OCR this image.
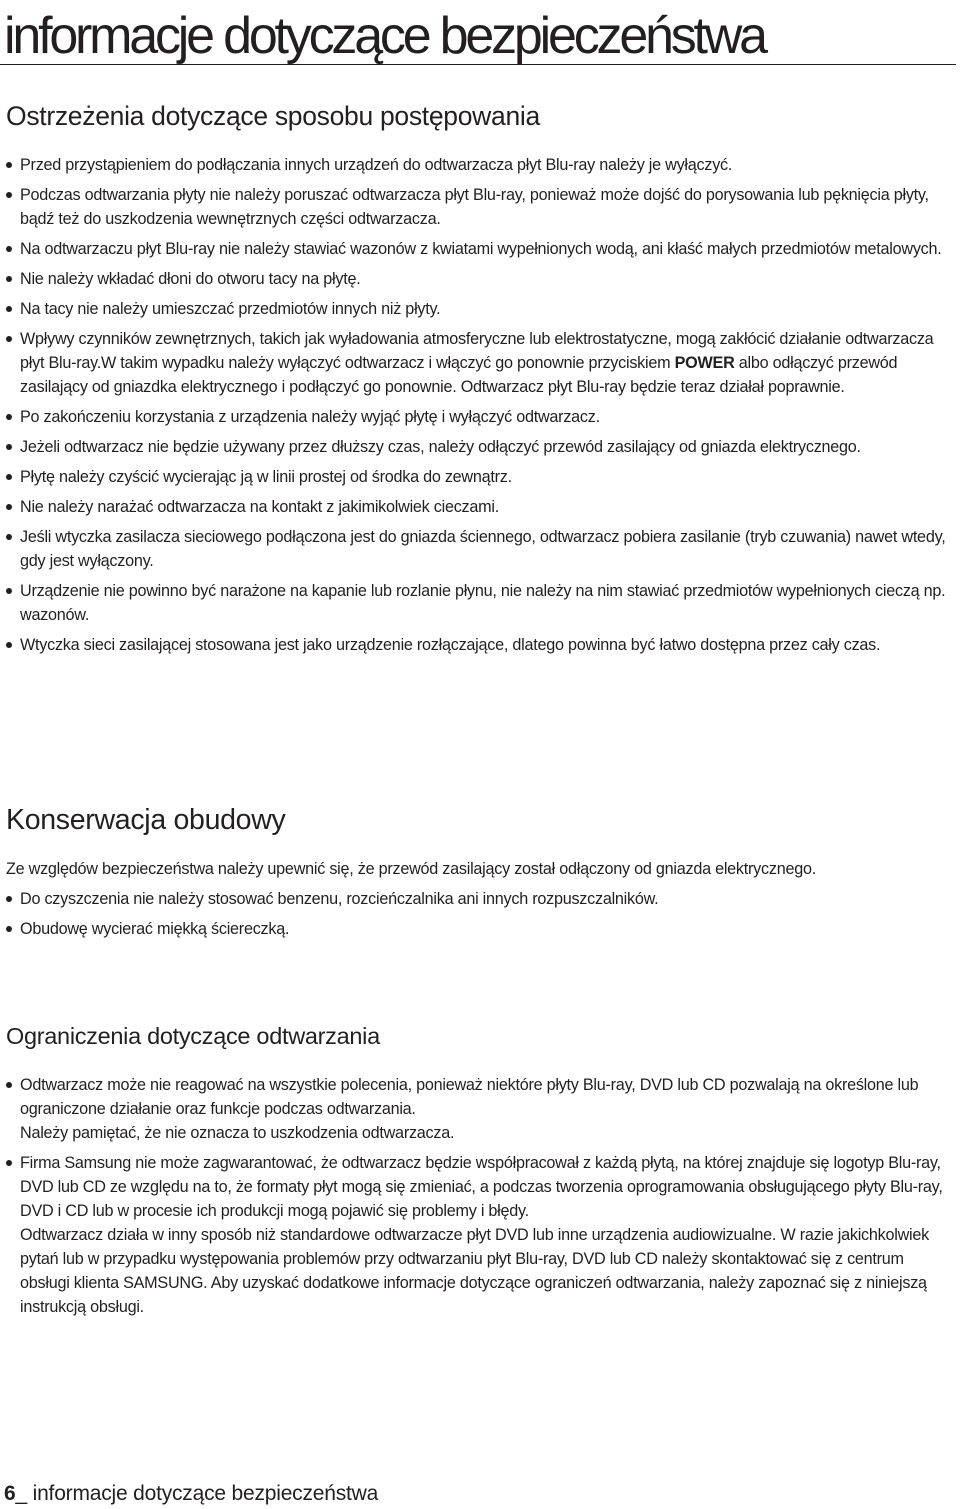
informacje dotyczące bezpieczeństwa
Ostrzeżenia dotyczące sposobu postępowania
Przed przystąpieniem do podłączania innych urządzeń do odtwarzacza płyt Blu-ray należy je wyłączyć.
Podczas odtwarzania płyty nie należy poruszać odtwarzacza płyt Blu-ray, ponieważ może dojść do porysowania lub pęknięcia płyty, bądź też do uszkodzenia wewnętrznych części odtwarzacza.
Na odtwarzaczu płyt Blu-ray nie należy stawiać wazonów z kwiatami wypełnionych wodą, ani kłaść małych przedmiotów metalowych.
Nie należy wkładać dłoni do otworu tacy na płytę.
Na tacy nie należy umieszczać przedmiotów innych niż płyty.
Wpływy czynników zewnętrznych, takich jak wyładowania atmosferyczne lub elektrostatyczne, mogą zakłócić działanie odtwarzacza płyt Blu-ray.W takim wypadku należy wyłączyć odtwarzacz i włączyć go ponownie przyciskiem POWER albo odłączyć przewód zasilający od gniazdka elektrycznego i podłączyć go ponownie. Odtwarzacz płyt Blu-ray będzie teraz działał poprawnie.
Po zakończeniu korzystania z urządzenia należy wyjąć płytę i wyłączyć odtwarzacz.
Jeżeli odtwarzacz nie będzie używany przez dłuższy czas, należy odłączyć przewód zasilający od gniazda elektrycznego.
Płytę należy czyścić wycierając ją w linii prostej od środka do zewnątrz.
Nie należy narażać odtwarzacza na kontakt z jakimikolwiek cieczami.
Jeśli wtyczka zasilacza sieciowego podłączona jest do gniazda ściennego, odtwarzacz pobiera zasilanie (tryb czuwania) nawet wtedy, gdy jest wyłączony.
Urządzenie nie powinno być narażone na kapanie lub rozlanie płynu, nie należy na nim stawiać przedmiotów wypełnionych cieczą np. wazonów.
Wtyczka sieci zasilającej stosowana jest jako urządzenie rozłączające, dlatego powinna być łatwo dostępna przez cały czas.
Konserwacja obudowy

Ze względów bezpieczeństwa należy upewnić się, że przewód zasilający został odłączony od gniazda elektrycznego.

Do czyszczenia nie należy stosować benzenu, rozcieńczalnika ani innych rozpuszczalników.
Obudowę wycierać miękką ściereczką.
Ograniczenia dotyczące odtwarzania
Odtwarzacz może nie reagować na wszystkie polecenia, ponieważ niektóre płyty Blu-ray, DVD lub CD pozwalają na określone lub ograniczone działanie oraz funkcje podczas odtwarzania.
Należy pamiętać, że nie oznacza to uszkodzenia odtwarzacza.
Firma Samsung nie może zagwarantować, że odtwarzacz będzie współpracował z każdą płytą, na której znajduje się logotyp Blu-ray, DVD lub CD ze względu na to, że formaty płyt mogą się zmieniać, a podczas tworzenia oprogramowania obsługującego płyty Blu-ray, DVD i CD lub w procesie ich produkcji mogą pojawić się problemy i błędy.
Odtwarzacz działa w inny sposób niż standardowe odtwarzacze płyt DVD lub inne urządzenia audiowizualne. W razie jakichkolwiek pytań lub w przypadku występowania problemów przy odtwarzaniu płyt Blu-ray, DVD lub CD należy skontaktować się z centrum obsługi klienta SAMSUNG. Aby uzyskać dodatkowe informacje dotyczące ograniczeń odtwarzania, należy zapoznać się z niniejszą instrukcją obsługi.
6_ informacje dotyczące bezpieczeństwa
